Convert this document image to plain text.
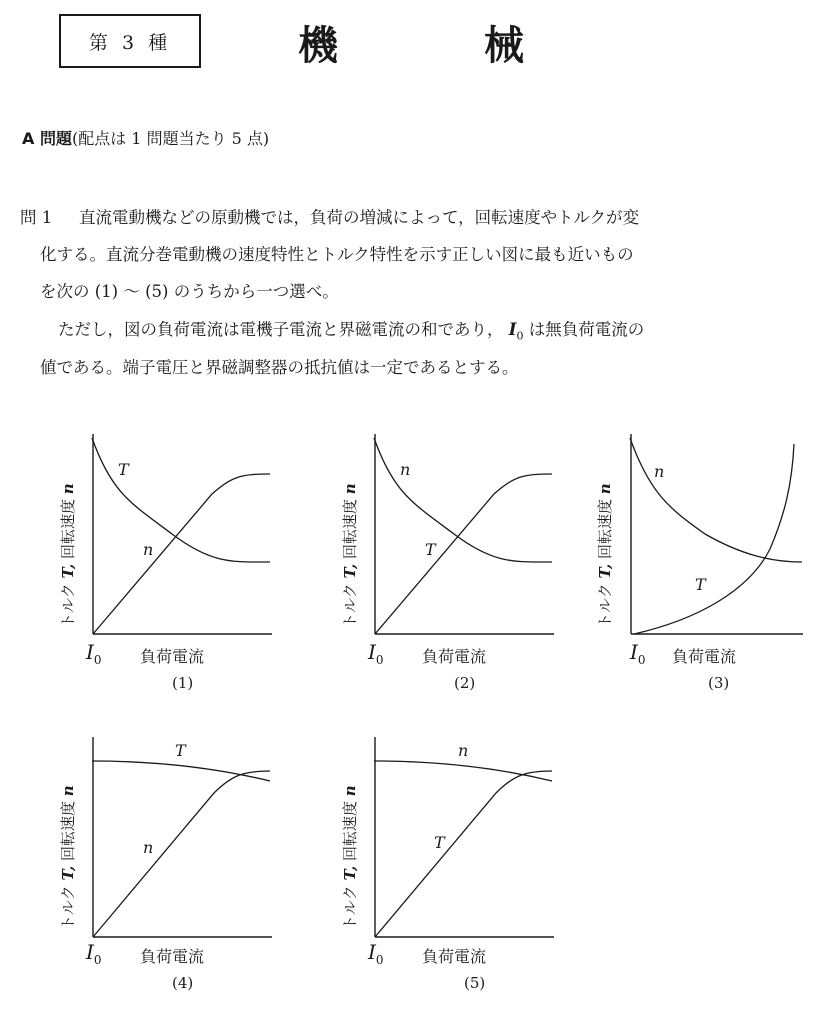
第 3 種	機	械
A 問題(配点は 1 問題当たり 5 点)
問 1 直流電動機などの原動機では，負荷の増減によって，回転速度やトルクが変
化する。直流分巻電動機の速度特性とトルク特性を示す正しい図に最も近いもの
を次の (1) ～ (5) のうちから一つ選べ。
ただし，図の負荷電流は電機子電流と界磁電流の和であり， $I_0$ は無負荷電流の
値である。端子電圧と界磁調整器の抵抗値は一定であるとする。
T
n
トルク T, 回転速度 n
$I_0$ 負荷電流
(1)
n
T
トルク T, 回転速度 n
$I_0$ 負荷電流
(2)
n
T
トルク T, 回転速度 n
$I_0$ 負荷電流
(3)
T
n
トルク T, 回転速度 n
$I_0$ 負荷電流
(4)
n
T
トルク T, 回転速度 n
$I_0$ 負荷電流
(5)
